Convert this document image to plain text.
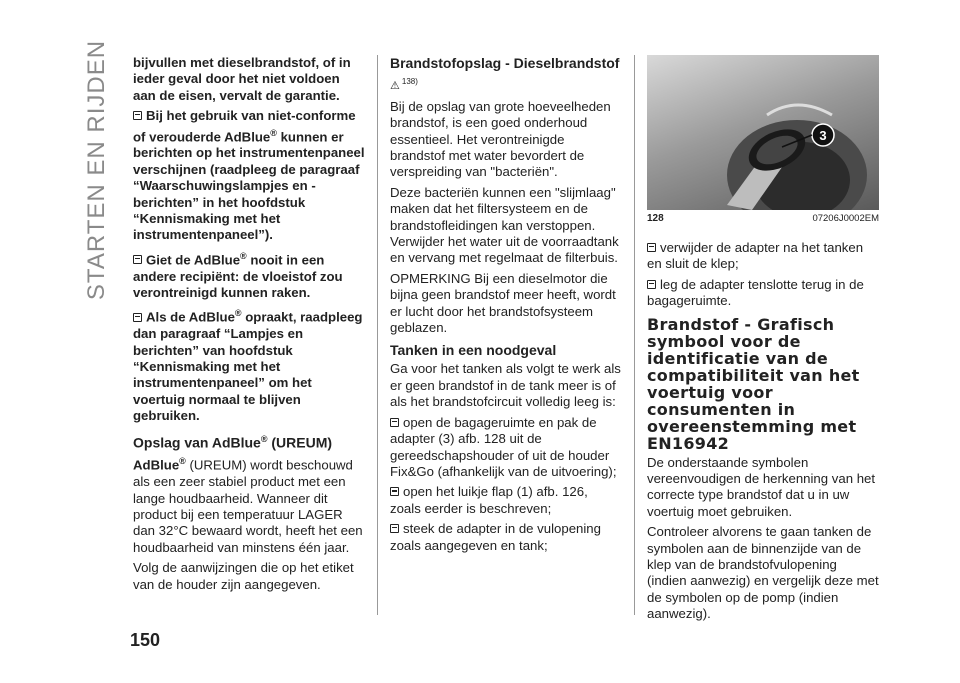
STARTEN EN RIJDEN bijvullen met dieselbrandstof, of in ieder geval door het niet voldoen aan de eisen, vervalt de garantie.

Bij het gebruik van niet-conforme of verouderde AdBlue® kunnen er berichten op het instrumentenpaneel verschijnen (raadpleeg de paragraaf “Waarschuwingslampjes en -berichten” in het hoofdstuk “Kennismaking met het instrumentenpaneel”).

Giet de AdBlue® nooit in een andere recipiënt: de vloeistof zou verontreinigd kunnen raken.

Als de AdBlue® opraakt, raadpleeg dan paragraaf “Lampjes en berichten” van hoofdstuk “Kennismaking met het instrumentenpaneel” om het voertuig normaal te blijven gebruiken.

Opslag van AdBlue® (UREUM)

AdBlue® (UREUM) wordt beschouwd als een zeer stabiel product met een lange houdbaarheid. Wanneer dit product bij een temperatuur LAGER dan 32°C bewaard wordt, heeft het een houdbaarheid van minstens één jaar.

Volg de aanwijzingen die op het etiket van de houder zijn aangegeven.

Brandstofopslag - Dieselbrandstof

⚠ $^{138)}$

Bij de opslag van grote hoeveelheden brandstof, is een goed onderhoud essentieel. Het verontreinigde brandstof met water bevordert de verspreiding van "bacteriën".

Deze bacteriën kunnen een "slijmlaag" maken dat het filtersysteem en de brandstofleidingen kan verstoppen. Verwijder het water uit de voorraadtank en vervang met regelmaat de filterbuis.

OPMERKING Bij een dieselmotor die bijna geen brandstof meer heeft, wordt er lucht door het brandstofsysteem geblazen.

Tanken in een noodgeval

Ga voor het tanken als volgt te werk als er geen brandstof in de tank meer is of als het brandstofcircuit volledig leeg is:

open de bagageruimte en pak de adapter (3) afb. 128 uit de gereedschapshouder of uit de houder Fix&Go (afhankelijk van de uitvoering);

open het luikje flap (1) afb. 126, zoals eerder is beschreven;

steek de adapter in de vulopening zoals aangegeven en tank;

3
128	07206J0002EM

verwijder de adapter na het tanken en sluit de klep;

leg de adapter tenslotte terug in de bagageruimte.

Brandstof - Grafisch symbool voor de identificatie van de compatibiliteit van het voertuig voor consumenten in overeenstemming met EN16942

De onderstaande symbolen vereenvoudigen de herkenning van het correcte type brandstof dat u in uw voertuig moet gebruiken.

Controleer alvorens te gaan tanken de symbolen aan de binnenzijde van de klep van de brandstofvulopening (indien aanwezig) en vergelijk deze met de symbolen op de pomp (indien aanwezig).

150
